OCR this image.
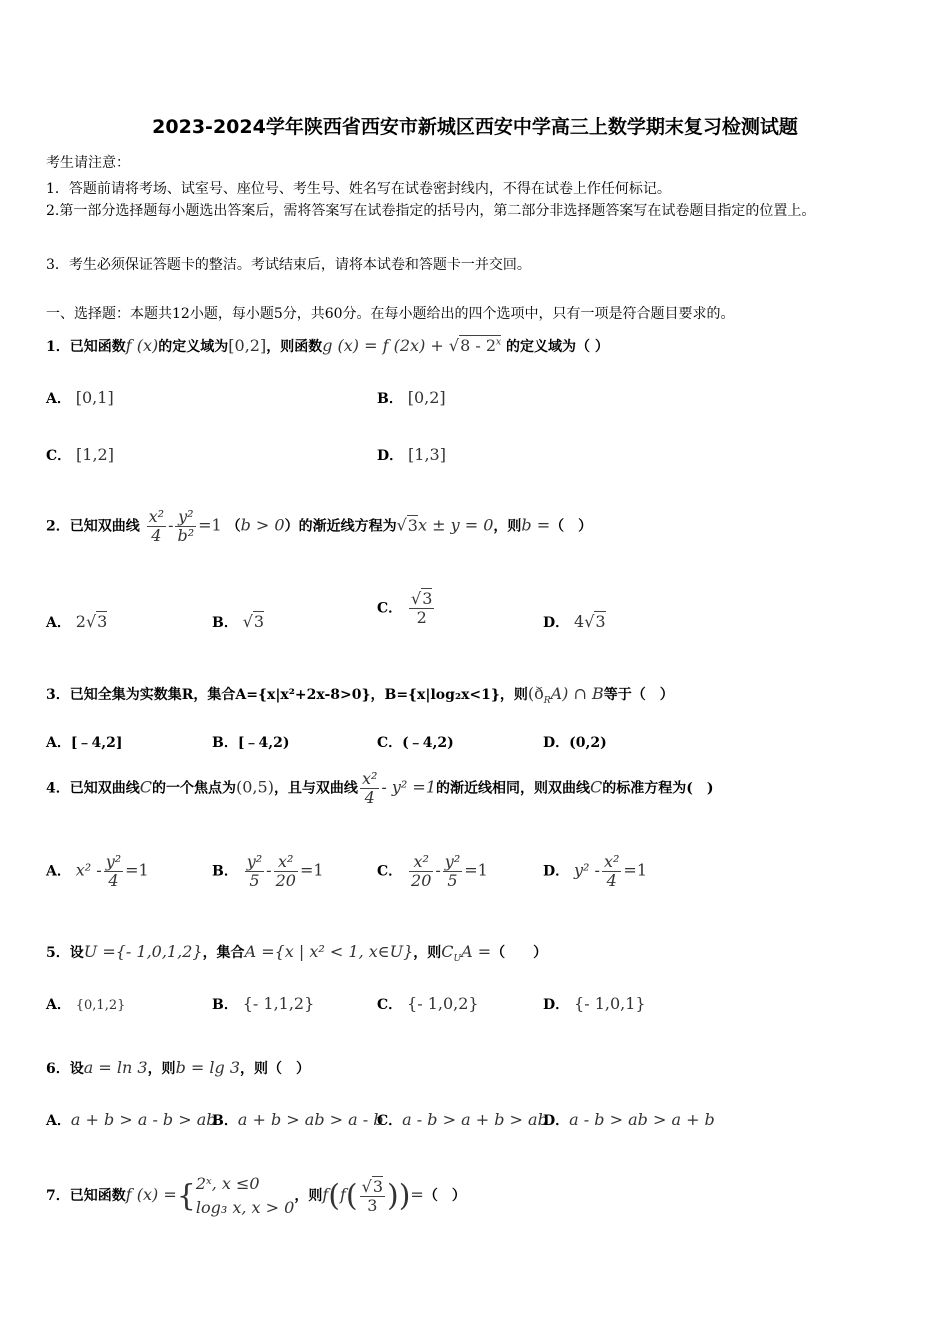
2023-2024学年陕西省西安市新城区西安中学高三上数学期末复习检测试题
考生请注意：
1．答题前请将考场、试室号、座位号、考生号、姓名写在试卷密封线内，不得在试卷上作任何标记。
2.第一部分选择题每小题选出答案后，需将答案写在试卷指定的括号内，第二部分非选择题答案写在试卷题目指定的位置上。
3．考生必须保证答题卡的整洁。考试结束后，请将本试卷和答题卡一并交回。
一、选择题：本题共12小题，每小题5分，共60分。在每小题给出的四个选项中，只有一项是符合题目要求的。
1．已知函数f (x)的定义域为[0,2]，则函数g (x) = f (2x) + √8 - 2$^x$ 的定义域为（ ）
A． [0,1]	B． [0,2]
C． [1,2]	D． [1,3]
2．已知双曲线 $\frac{\text{x²}}{4} - \frac{\text{y²}}{\text{b²}} =1$ （b > 0）的渐近线方程为√3x ± y = 0，则b =（　）
A． 2√3	B． √3
C． $\frac{√3}{2}$	D． 4√3
3．已知全集为实数集R，集合A={x|x²+2x-8>0}，B={x|log₂x<1}，则$(ð_RA)$ ∩ B等于（　）
A．[﹣4,2]	B．[﹣4,2)	C．(﹣4,2)	D．(0,2)
4．已知双曲线C的一个焦点为(0,5)，且与双曲线 $\frac{\text{x²}}{4} - y^2 =1$的渐近线相同，则双曲线C的标准方程为(　)
A． $x^2 - \frac{\text{y²}}{4} =1$	B． $\frac{\text{y²}}{5} - \frac{\text{x²}}{20} =1$	C． $\frac{\text{x²}}{20} - \frac{\text{y²}}{5} =1$	D． $y^2 - \frac{\text{x²}}{4} =1$
5．设U ={- 1,0,1,2}，集合A ={x | x² < 1, x∈U}，则$C_UA$ =（　　）
A． {0,1,2}	B． {- 1,1,2}	C． {- 1,0,2}	D． {- 1,0,1}
6．设a = ln 3，则b = lg 3，则（　）
A．a + b > a - b > ab
B．a + b > ab > a - b
C．a - b > a + b > ab
D．a - b > ab > a + b
7．已知函数f (x) ={ 2ˣ, x ≤0
log₃ x, x > 0
，则$f(f( \frac{√3}{3}$ ))=（　）
